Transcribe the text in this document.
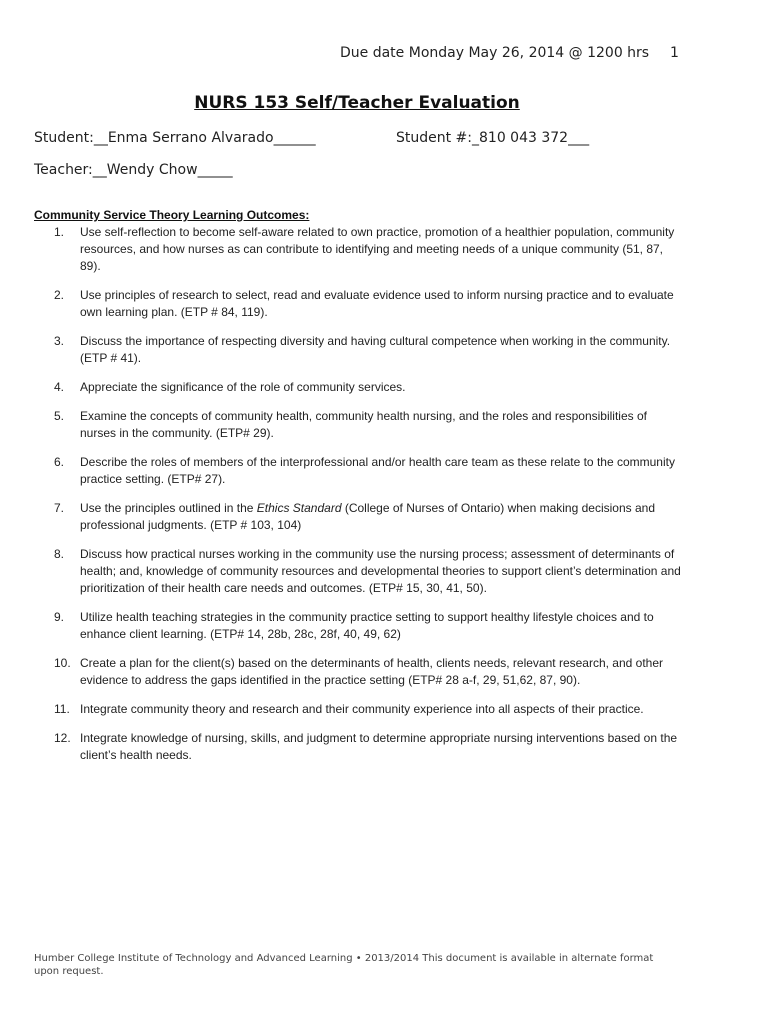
Due date Monday May 26, 2014 @ 1200 hrs 1
NURS 153 Self/Teacher Evaluation
Student:__Enma Serrano Alvarado______	Student #:_810 043 372___
Teacher:__Wendy Chow_____
Community Service Theory Learning Outcomes:
1.	Use self-reflection to become self-aware related to own practice, promotion of a healthier population, community resources, and how nurses as can contribute to identifying and meeting needs of a unique community (51, 87, 89).
2.	Use principles of research to select, read and evaluate evidence used to inform nursing practice and to evaluate own learning plan. (ETP # 84, 119).
3.	Discuss the importance of respecting diversity and having cultural competence when working in the community. (ETP # 41).
4.	Appreciate the significance of the role of community services.
5.	Examine the concepts of community health, community health nursing, and the roles and responsibilities of nurses in the community. (ETP# 29).
6.	Describe the roles of members of the interprofessional and/or health care team as these relate to the community practice setting. (ETP# 27).
7.	Use the principles outlined in the Ethics Standard (College of Nurses of Ontario) when making decisions and professional judgments. (ETP # 103, 104)
8.	Discuss how practical nurses working in the community use the nursing process; assessment of determinants of health; and, knowledge of community resources and developmental theories to support client’s determination and prioritization of their health care needs and outcomes. (ETP# 15, 30, 41, 50).
9.	Utilize health teaching strategies in the community practice setting to support healthy lifestyle choices and to enhance client learning. (ETP# 14, 28b, 28c, 28f, 40, 49, 62)
10. Create a plan for the client(s) based on the determinants of health, clients needs, relevant research, and other evidence to address the gaps identified in the practice setting (ETP# 28 a-f, 29, 51,62, 87, 90).
11. Integrate community theory and research and their community experience into all aspects of their practice.
12. Integrate knowledge of nursing, skills, and judgment to determine appropriate nursing interventions based on the client’s health needs.
Humber College Institute of Technology and Advanced Learning • 2013/2014 This document is available in alternate format upon request.
